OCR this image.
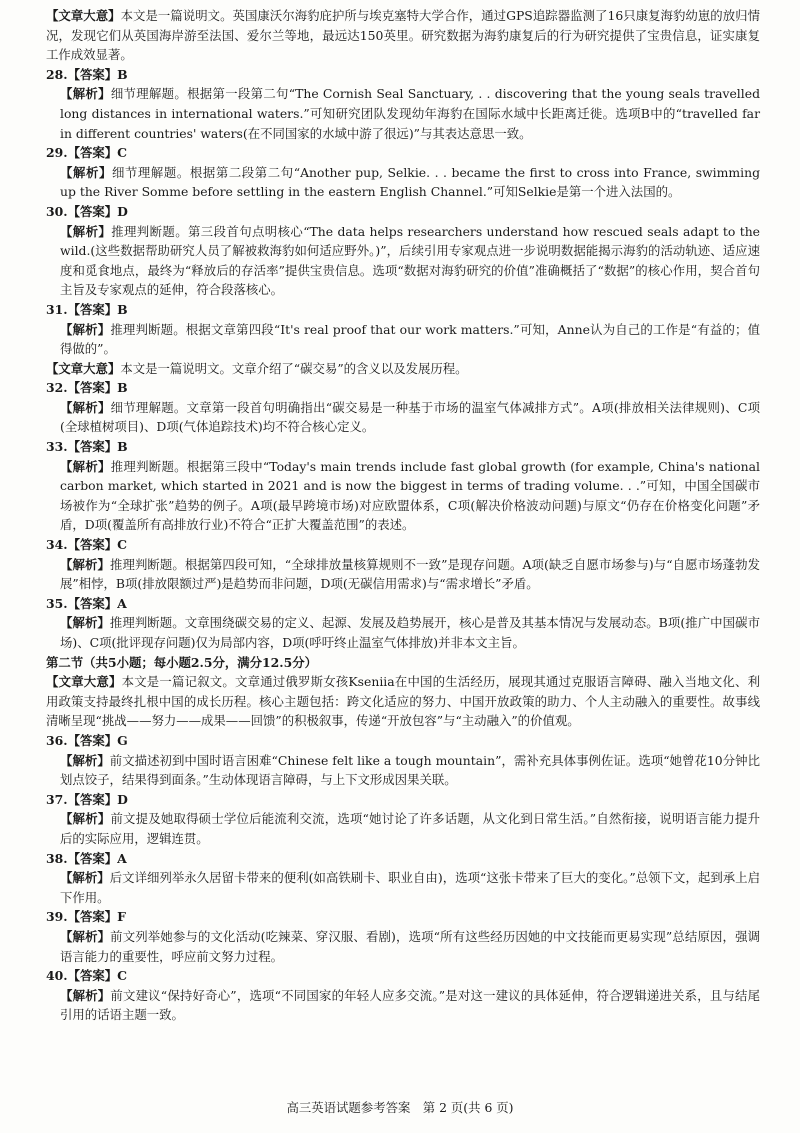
【文章大意】本文是一篇说明文。英国康沃尔海豹庇护所与埃克塞特大学合作，通过GPS追踪器监测了16只康复海豹幼崽的放归情况，发现它们从英国海岸游至法国、爱尔兰等地，最远达150英里。研究数据为海豹康复后的行为研究提供了宝贵信息，证实康复工作成效显著。

28.【答案】B

【解析】细节理解题。根据第一段第二句“The Cornish Seal Sanctuary, . . discovering that the young seals travelled long distances in international waters.”可知研究团队发现幼年海豹在国际水域中长距离迁徙。选项B中的“travelled far in different countries' waters(在不同国家的水域中游了很远)”与其表达意思一致。

29.【答案】C

【解析】细节理解题。根据第二段第二句“Another pup, Selkie. . . became the first to cross into France, swimming up the River Somme before settling in the eastern English Channel.”可知Selkie是第一个进入法国的。

30.【答案】D

【解析】推理判断题。第三段首句点明核心“The data helps researchers understand how rescued seals adapt to the wild.(这些数据帮助研究人员了解被救海豹如何适应野外。)”，后续引用专家观点进一步说明数据能揭示海豹的活动轨迹、适应速度和觅食地点，最终为“释放后的存活率”提供宝贵信息。选项“数据对海豹研究的价值”准确概括了“数据”的核心作用，契合首句主旨及专家观点的延伸，符合段落核心。

31.【答案】B

【解析】推理判断题。根据文章第四段“It's real proof that our work matters.”可知，Anne认为自己的工作是“有益的；值得做的”。

【文章大意】本文是一篇说明文。文章介绍了“碳交易”的含义以及发展历程。

32.【答案】B

【解析】细节理解题。文章第一段首句明确指出“碳交易是一种基于市场的温室气体减排方式”。A项(排放相关法律规则)、C项(全球植树项目)、D项(气体追踪技术)均不符合核心定义。

33.【答案】B

【解析】推理判断题。根据第三段中“Today's main trends include fast global growth (for example, China's national carbon market, which started in 2021 and is now the biggest in terms of trading volume. . .”可知，中国全国碳市场被作为“全球扩张”趋势的例子。A项(最早跨境市场)对应欧盟体系，C项(解决价格波动问题)与原文“仍存在价格变化问题”矛盾，D项(覆盖所有高排放行业)不符合“正扩大覆盖范围”的表述。

34.【答案】C

【解析】推理判断题。根据第四段可知，“全球排放量核算规则不一致”是现存问题。A项(缺乏自愿市场参与)与“自愿市场蓬勃发展”相悖，B项(排放限额过严)是趋势而非问题，D项(无碳信用需求)与“需求增长”矛盾。

35.【答案】A

【解析】推理判断题。文章围绕碳交易的定义、起源、发展及趋势展开，核心是普及其基本情况与发展动态。B项(推广中国碳市场)、C项(批评现存问题)仅为局部内容，D项(呼吁终止温室气体排放)并非本文主旨。

第二节（共5小题；每小题2.5分，满分12.5分）

【文章大意】本文是一篇记叙文。文章通过俄罗斯女孩Kseniia在中国的生活经历，展现其通过克服语言障碍、融入当地文化、利用政策支持最终扎根中国的成长历程。核心主题包括：跨文化适应的努力、中国开放政策的助力、个人主动融入的重要性。故事线清晰呈现“挑战——努力——成果——回馈”的积极叙事，传递“开放包容”与“主动融入”的价值观。

36.【答案】G

【解析】前文描述初到中国时语言困难“Chinese felt like a tough mountain”，需补充具体事例佐证。选项“她曾花10分钟比划点饺子，结果得到面条。”生动体现语言障碍，与上下文形成因果关联。

37.【答案】D

【解析】前文提及她取得硕士学位后能流利交流，选项“她讨论了许多话题，从文化到日常生活。”自然衔接，说明语言能力提升后的实际应用，逻辑连贯。

38.【答案】A

【解析】后文详细列举永久居留卡带来的便利(如高铁刷卡、职业自由)，选项“这张卡带来了巨大的变化。”总领下文，起到承上启下作用。

39.【答案】F

【解析】前文列举她参与的文化活动(吃辣菜、穿汉服、看剧)，选项“所有这些经历因她的中文技能而更易实现”总结原因，强调语言能力的重要性，呼应前文努力过程。

40.【答案】C

【解析】前文建议“保持好奇心”，选项“不同国家的年轻人应多交流。”是对这一建议的具体延伸，符合逻辑递进关系，且与结尾引用的话语主题一致。

高三英语试题参考答案　第 2 页(共 6 页)
